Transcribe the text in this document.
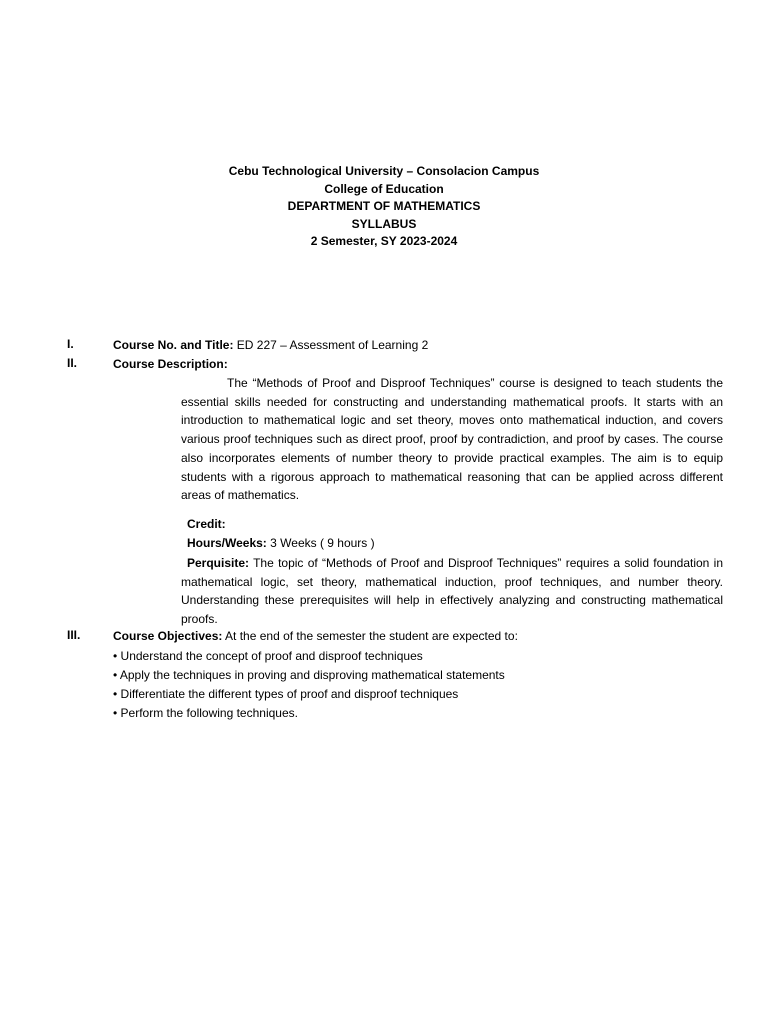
Cebu Technological University – Consolacion Campus
College of Education
DEPARTMENT OF MATHEMATICS
SYLLABUS
2 Semester, SY 2023-2024
I.	Course No. and Title: ED 227 – Assessment of Learning 2
II.	Course Description:

The “Methods of Proof and Disproof Techniques” course is designed to teach students the essential skills needed for constructing and understanding mathematical proofs. It starts with an introduction to mathematical logic and set theory, moves onto mathematical induction, and covers various proof techniques such as direct proof, proof by contradiction, and proof by cases. The course also incorporates elements of number theory to provide practical examples. The aim is to equip students with a rigorous approach to mathematical reasoning that can be applied across different areas of mathematics.

Credit:
Hours/Weeks: 3 Weeks ( 9 hours )

Perquisite: The topic of “Methods of Proof and Disproof Techniques” requires a solid foundation in mathematical logic, set theory, mathematical induction, proof techniques, and number theory. Understanding these prerequisites will help in effectively analyzing and constructing mathematical proofs.

III.	Course Objectives: At the end of the semester the student are expected to:
• Understand the concept of proof and disproof techniques
• Apply the techniques in proving and disproving mathematical statements
• Differentiate the different types of proof and disproof techniques
• Perform the following techniques.
